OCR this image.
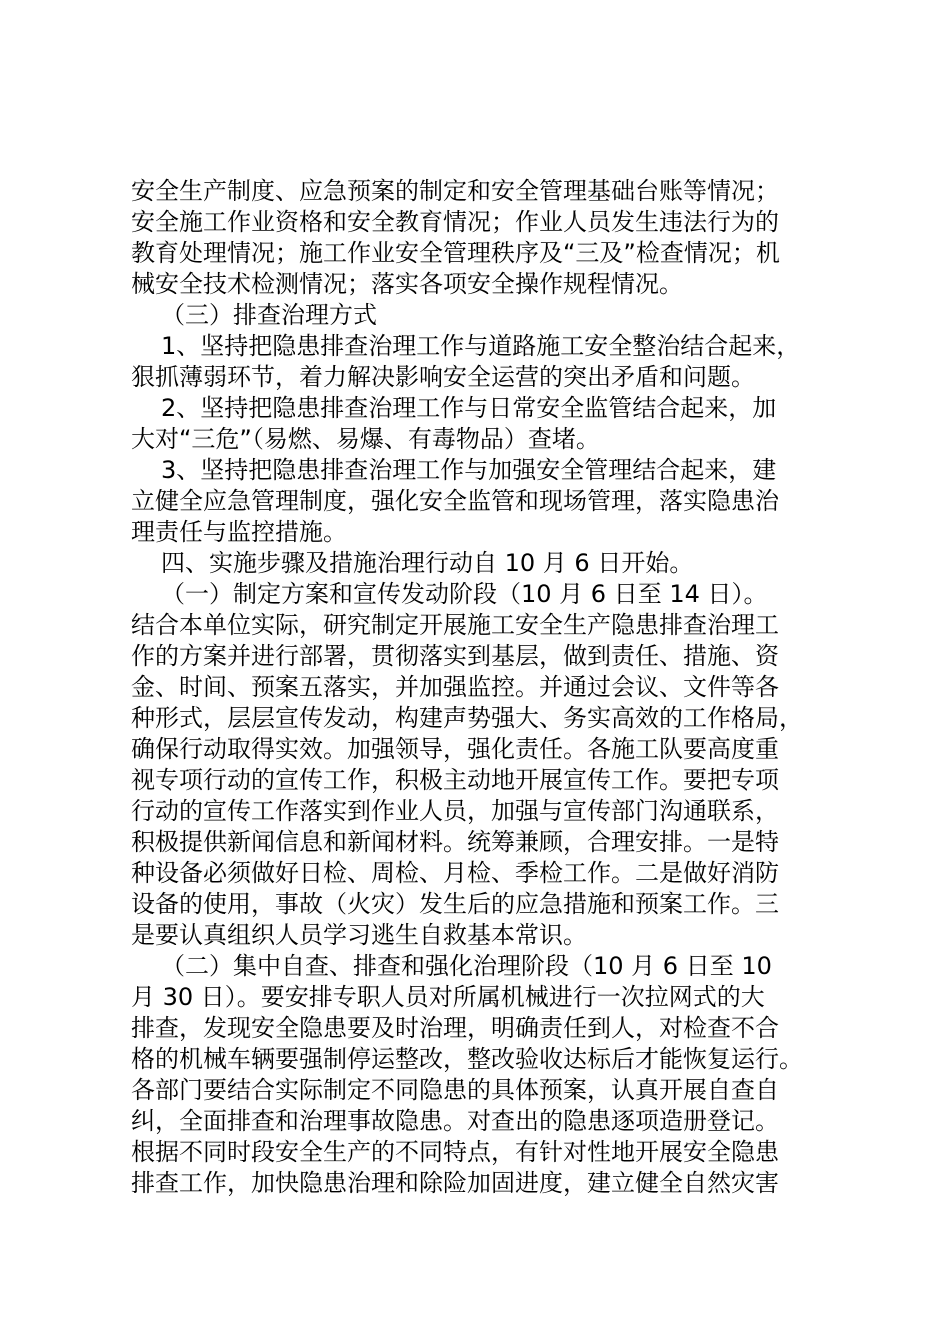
安全生产制度、应急预案的制定和安全管理基础台账等情况；

安全施工作业资格和安全教育情况；作业人员发生违法行为的

教育处理情况；施工作业安全管理秩序及“三及”检查情况；机

械安全技术检测情况；落实各项安全操作规程情况。

（三）排查治理方式

1、坚持把隐患排查治理工作与道路施工安全整治结合起来，

狠抓薄弱环节，着力解决影响安全运营的突出矛盾和问题。

2、坚持把隐患排查治理工作与日常安全监管结合起来，加

大对“三危”（易燃、易爆、有毒物品）查堵。

3、坚持把隐患排查治理工作与加强安全管理结合起来，建

立健全应急管理制度，强化安全监管和现场管理，落实隐患治

理责任与监控措施。

四、实施步骤及措施治理行动自 10 月 6 日开始。

（一）制定方案和宣传发动阶段（10 月 6 日至 14 日）。

结合本单位实际，研究制定开展施工安全生产隐患排查治理工

作的方案并进行部署，贯彻落实到基层，做到责任、措施、资

金、时间、预案五落实，并加强监控。并通过会议、文件等各

种形式，层层宣传发动，构建声势强大、务实高效的工作格局，

确保行动取得实效。加强领导，强化责任。各施工队要高度重

视专项行动的宣传工作，积极主动地开展宣传工作。要把专项

行动的宣传工作落实到作业人员，加强与宣传部门沟通联系，

积极提供新闻信息和新闻材料。统筹兼顾，合理安排。一是特

种设备必须做好日检、周检、月检、季检工作。二是做好消防

设备的使用，事故（火灾）发生后的应急措施和预案工作。三

是要认真组织人员学习逃生自救基本常识。

（二）集中自查、排查和强化治理阶段（10 月 6 日至 10

月 30 日）。要安排专职人员对所属机械进行一次拉网式的大

排查，发现安全隐患要及时治理，明确责任到人，对检查不合

格的机械车辆要强制停运整改，整改验收达标后才能恢复运行。

各部门要结合实际制定不同隐患的具体预案，认真开展自查自

纠，全面排查和治理事故隐患。对查出的隐患逐项造册登记。

根据不同时段安全生产的不同特点，有针对性地开展安全隐患

排查工作，加快隐患治理和除险加固进度，建立健全自然灾害
